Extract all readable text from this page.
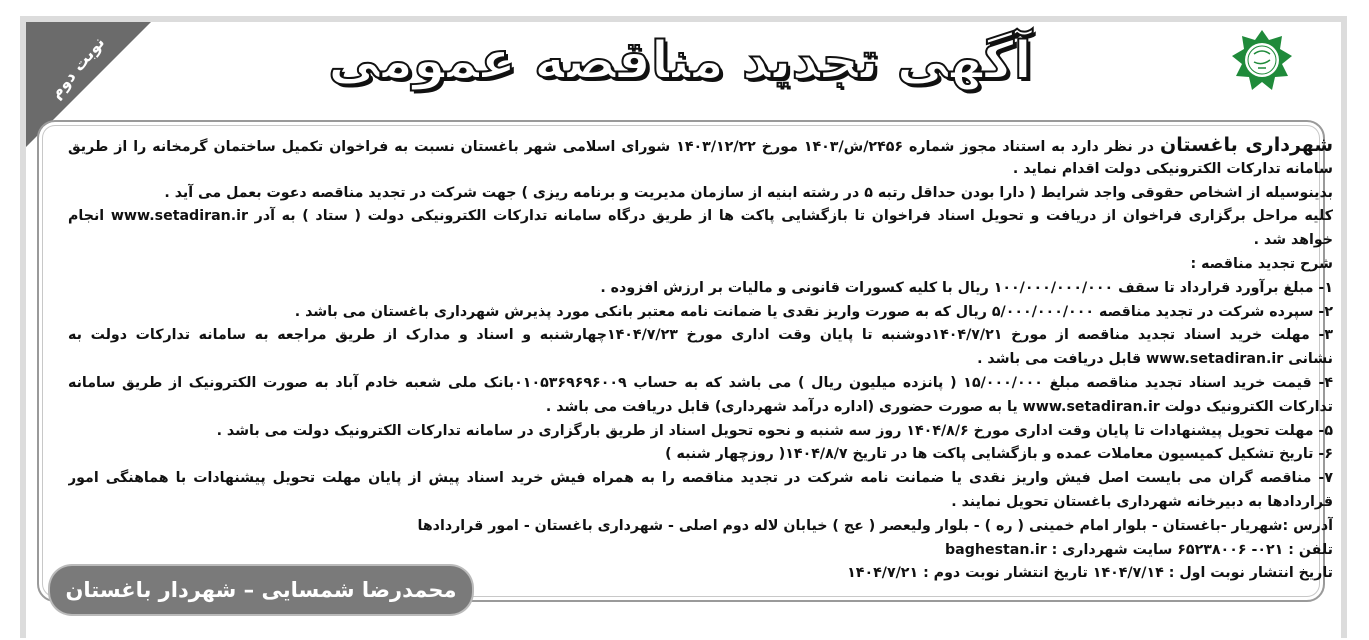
نوبت دوم	آگهی تجدید مناقصه عمومی
شهرداری باغستان در نظر دارد به استناد مجوز شماره ۲۴۵۶/ش/۱۴۰۳ مورخ ۱۴۰۳/۱۲/۲۲ شورای اسلامی شهر باغستان نسبت به فراخوان تکمیل ساختمان گرمخانه را از طریق
سامانه تدارکات الکترونیکی دولت اقدام نماید .
بدینوسیله از اشخاص حقوقی واجد شرایط ( دارا بودن حداقل رتبه ۵ در رشته ابنیه از سازمان مدیریت و برنامه ریزی ) جهت شرکت در تجدید مناقصه دعوت بعمل می آید .
کلیه مراحل برگزاری فراخوان از دریافت و تحویل اسناد فراخوان تا بازگشایی پاکت ها از طریق درگاه سامانه تدارکات الکترونیکی دولت ( ستاد ) به آدر www.setadiran.ir انجام
خواهد شد .
شرح تجدید مناقصه :
۱- مبلغ برآورد قرارداد تا سقف ۱۰۰/۰۰۰/۰۰۰/۰۰۰ ریال با کلیه کسورات قانونی و مالیات بر ارزش افزوده .
۲- سپرده شرکت در تجدید مناقصه ۵/۰۰۰/۰۰۰/۰۰۰ ریال که به صورت واریز نقدی یا ضمانت نامه معتبر بانکی مورد پذیرش شهرداری باغستان می باشد .
۳- مهلت خرید اسناد تجدید مناقصه از مورخ ۱۴۰۴/۷/۲۱دوشنبه تا پایان وقت اداری مورخ ۱۴۰۴/۷/۲۳چهارشنبه و اسناد و مدارک از طریق مراجعه به سامانه تدارکات دولت به
نشانی www.setadiran.ir قابل دریافت می باشد .
۴- قیمت خرید اسناد تجدید مناقصه مبلغ ۱۵/۰۰۰/۰۰۰ ( پانزده میلیون ریال ) می باشد که به حساب ۰۱۰۵۳۶۹۶۹۶۰۰۹بانک ملی شعبه خادم آباد به صورت الکترونیک از طریق سامانه
تدارکات الکترونیک دولت www.setadiran.ir یا به صورت حضوری (اداره درآمد شهرداری) قابل دریافت می باشد .
۵- مهلت تحویل پیشنهادات تا پایان وقت اداری مورخ ۱۴۰۴/۸/۶ روز سه شنبه و نحوه تحویل اسناد از طریق بارگزاری در سامانه تدارکات الکترونیک دولت می باشد .
۶- تاریخ تشکیل کمیسیون معاملات عمده و بازگشایی پاکت ها در تاریخ ۱۴۰۴/۸/۷( روزچهار شنبه )
۷- مناقصه گران می بایست اصل فیش واریز نقدی یا ضمانت نامه شرکت در تجدید مناقصه را به همراه فیش خرید اسناد پیش از پایان مهلت تحویل پیشنهادات با هماهنگی امور
قراردادها به دبیرخانه شهرداری باغستان تحویل نمایند .
آدرس :شهریار -باغستان - بلوار امام خمینی ( ره ) - بلوار ولیعصر ( عج ) خیابان لاله دوم اصلی - شهرداری باغستان - امور قراردادها
تلفن : ۰۲۱- ۶۵۲۳۸۰۰۶ سایت شهرداری : baghestan.ir
تاریخ انتشار نوبت اول : ۱۴۰۴/۷/۱۴ تاریخ انتشار نوبت دوم : ۱۴۰۴/۷/۲۱
محمدرضا شمسایی – شهردار باغستان
